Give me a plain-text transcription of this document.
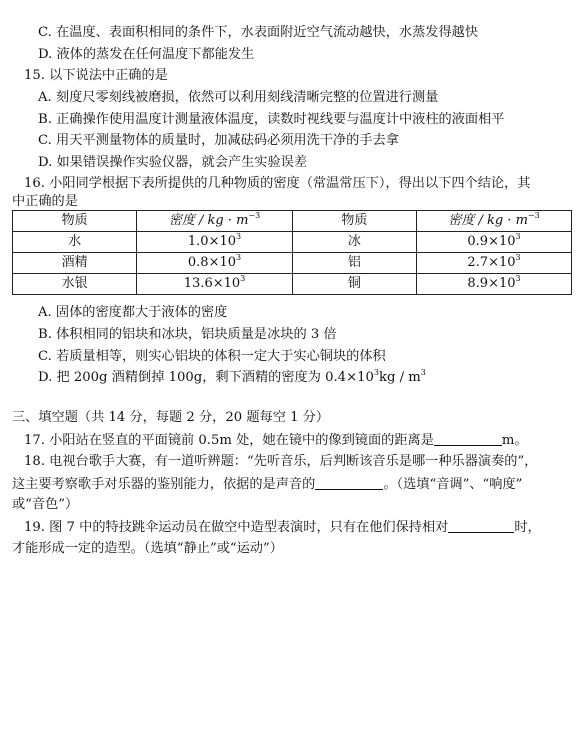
C. 在温度、表面积相同的条件下，水表面附近空气流动越快，水蒸发得越快
D. 液体的蒸发在任何温度下都能发生
15. 以下说法中正确的是
A. 刻度尺零刻线被磨损，依然可以利用刻线清晰完整的位置进行测量
B. 正确操作使用温度计测量液体温度，读数时视线要与温度计中液柱的液面相平
C. 用天平测量物体的质量时，加减砝码必须用洗干净的手去拿
D. 如果错误操作实验仪器，就会产生实验误差
16. 小阳同学根据下表所提供的几种物质的密度（常温常压下），得出以下四个结论，其
中正确的是
物质	密度 / kg · $m^{-3}$	物质	密度 / kg · $m^{-3}$
水	$1.0\times 10^3$	冰	$0.9\times 10^3$
酒精	$0.8\times 10^3$	铝	$2.7\times 10^3$
水银	$13.6\times 10^3$	铜	$8.9\times 10^3$
A. 固体的密度都大于液体的密度
B. 体积相同的铝块和冰块，铝块质量是冰块的 3 倍
C. 若质量相等，则实心铝块的体积一定大于实心铜块的体积
D. 把 200g 酒精倒掉 100g，剩下酒精的密度为 $0.4\times 10^3kg / m^3$
三、填空题（共 14 分，每题 2 分，20 题每空 1 分）
17. 小阳站在竖直的平面镜前 0.5m 处，她在镜中的像到镜面的距离是	m。
18. 电视台歌手大赛，有一道听辨题：“先听音乐，后判断该音乐是哪一种乐器演奏的”，
这主要考察歌手对乐器的鉴别能力，依据的是声音的	。（选填“音调”、“响度”
或“音色”）
19. 图 7 中的特技跳伞运动员在做空中造型表演时，只有在他们保持相对	时，
才能形成一定的造型。（选填“静止”或“运动”）
